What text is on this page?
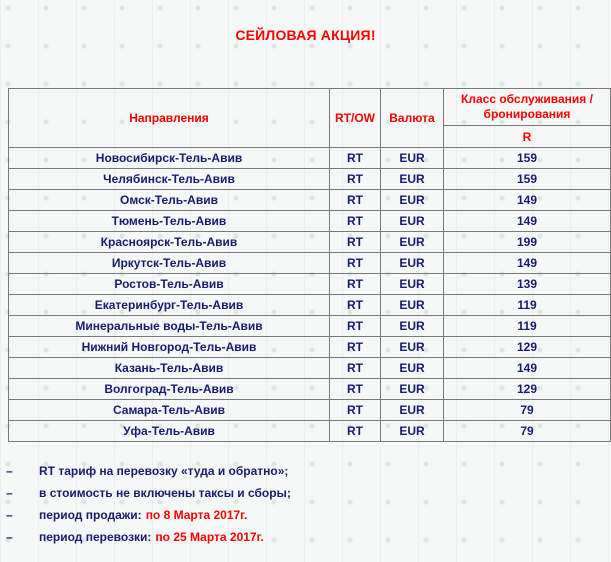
СЕЙЛОВАЯ АКЦИЯ!
Направления	RT/OW	Валюта	Класс обслуживания / бронирования
			R
Новосибирск-Тель-Авив	RT	EUR	159
Челябинск-Тель-Авив	RT	EUR	159
Омск-Тель-Авив	RT	EUR	149
Тюмень-Тель-Авив	RT	EUR	149
Красноярск-Тель-Авив	RT	EUR	199
Иркутск-Тель-Авив	RT	EUR	149
Ростов-Тель-Авив	RT	EUR	139
Екатеринбург-Тель-Авив	RT	EUR	119
Минеральные воды-Тель-Авив	RT	EUR	119
Нижний Новгород-Тель-Авив	RT	EUR	129
Казань-Тель-Авив	RT	EUR	149
Волгоград-Тель-Авив	RT	EUR	129
Самара-Тель-Авив	RT	EUR	79
Уфа-Тель-Авив	RT	EUR	79
–	RT тариф на перевозку «туда и обратно»;
–	в стоимость не включены таксы и сборы;
–	период продажи: по 8 Марта 2017г.
–	период перевозки: по 25 Марта 2017г.
